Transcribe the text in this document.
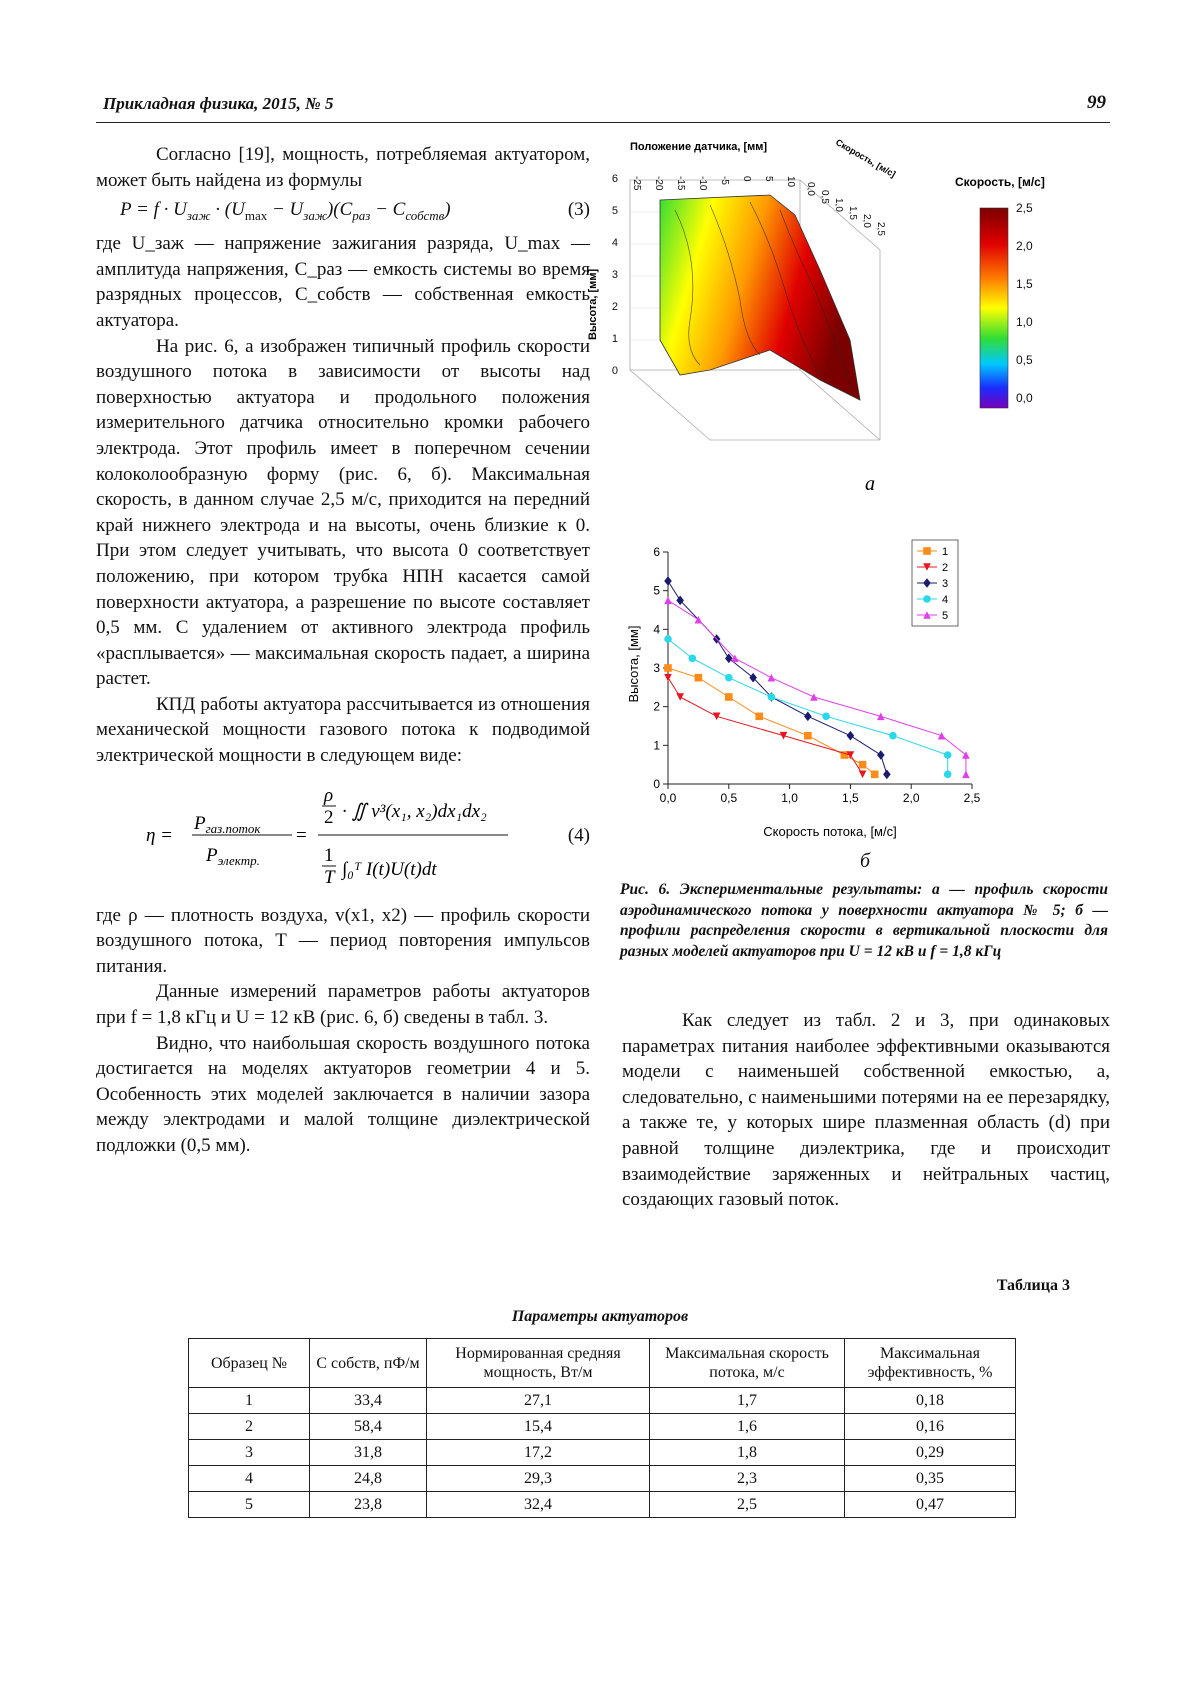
Прикладная физика, 2015, № 5	99

Согласно [19], мощность, потребляемая актуатором, может быть найдена из формулы

$P = f \cdot U_{заж} \cdot (U_{max} - U_{заж})(C_{раз} - C_{собств})$	(3)

где U_заж — напряжение зажигания разряда, U_max — амплитуда напряжения, C_раз — емкость системы во время разрядных процессов, C_собств — собственная емкость актуатора.

На рис. 6, а изображен типичный профиль скорости воздушного потока в зависимости от высоты над поверхностью актуатора и продольного положения измерительного датчика относительно кромки рабочего электрода. Этот профиль имеет в поперечном сечении колоколообразную форму (рис. 6, б). Максимальная скорость, в данном случае 2,5 м/с, приходится на передний край нижнего электрода и на высоты, очень близкие к 0. При этом следует учитывать, что высота 0 соответствует положению, при котором трубка НПН касается самой поверхности актуатора, а разрешение по высоте составляет 0,5 мм. С удалением от активного электрода профиль «расплывается» — максимальная скорость падает, а ширина растет.

КПД работы актуатора рассчитывается из отношения механической мощности газового потока к подводимой электрической мощности в следующем виде:

η =
$P_{газ.поток}$
$P_{электр.}$
=
ρ
2 · ∬ v³(x₁, x₂)dx₁dx₂
1
T ∫₀ᵀ I(t)U(t)dt
(4)

где ρ — плотность воздуха, v(x1, x2) — профиль скорости воздушного потока, T — период повторения импульсов питания.

Данные измерений параметров работы актуаторов при f = 1,8 кГц и U = 12 кВ (рис. 6, б) сведены в табл. 3.

Видно, что наибольшая скорость воздушного потока достигается на моделях актуаторов геометрии 4 и 5. Особенность этих моделей заключается в наличии зазора между электродами и малой толщине диэлектрической подложки (0,5 мм).

0
1
2
3
4
5
6
Высота, [мм]
Положение датчика, [мм]
-25 -20 -15 -10 -5 0 5 10
Скорость, [м/с]
0,0
0,5
1,0
1,5
2,0
2,5
Скорость, [м/с]
2,5
2,0
1,5
1,0
0,5
0,0
а
0,0	0,5	1,0	1,5	2,0	2,5
0
1
2
3
4
5
6	1
2
3
4
5
Скорость потока, [м/с]
Высота, [мм]
б
Рис. 6. Экспериментальные результаты: а — профиль скорости аэродинамического потока у поверхности актуатора № 5; б — профили распределения скорости в вертикальной плоскости для разных моделей актуаторов при U = 12 кВ и f = 1,8 кГц

Как следует из табл. 2 и 3, при одинаковых параметрах питания наиболее эффективными оказываются модели с наименьшей собственной емкостью, а, следовательно, с наименьшими потерями на ее перезарядку, а также те, у которых шире плазменная область (d) при равной толщине диэлектрика, где и происходит взаимодействие заряженных и нейтральных частиц, создающих газовый поток.

Таблица 3
Параметры актуаторов
Образец №	C собств, пФ/м	Нормированная средняя мощность, Вт/м	Максимальная скорость потока, м/с	Максимальная эффективность, %
1	33,4	27,1	1,7	0,18
2	58,4	15,4	1,6	0,16
3	31,8	17,2	1,8	0,29
4	24,8	29,3	2,3	0,35
5	23,8	32,4	2,5	0,47
